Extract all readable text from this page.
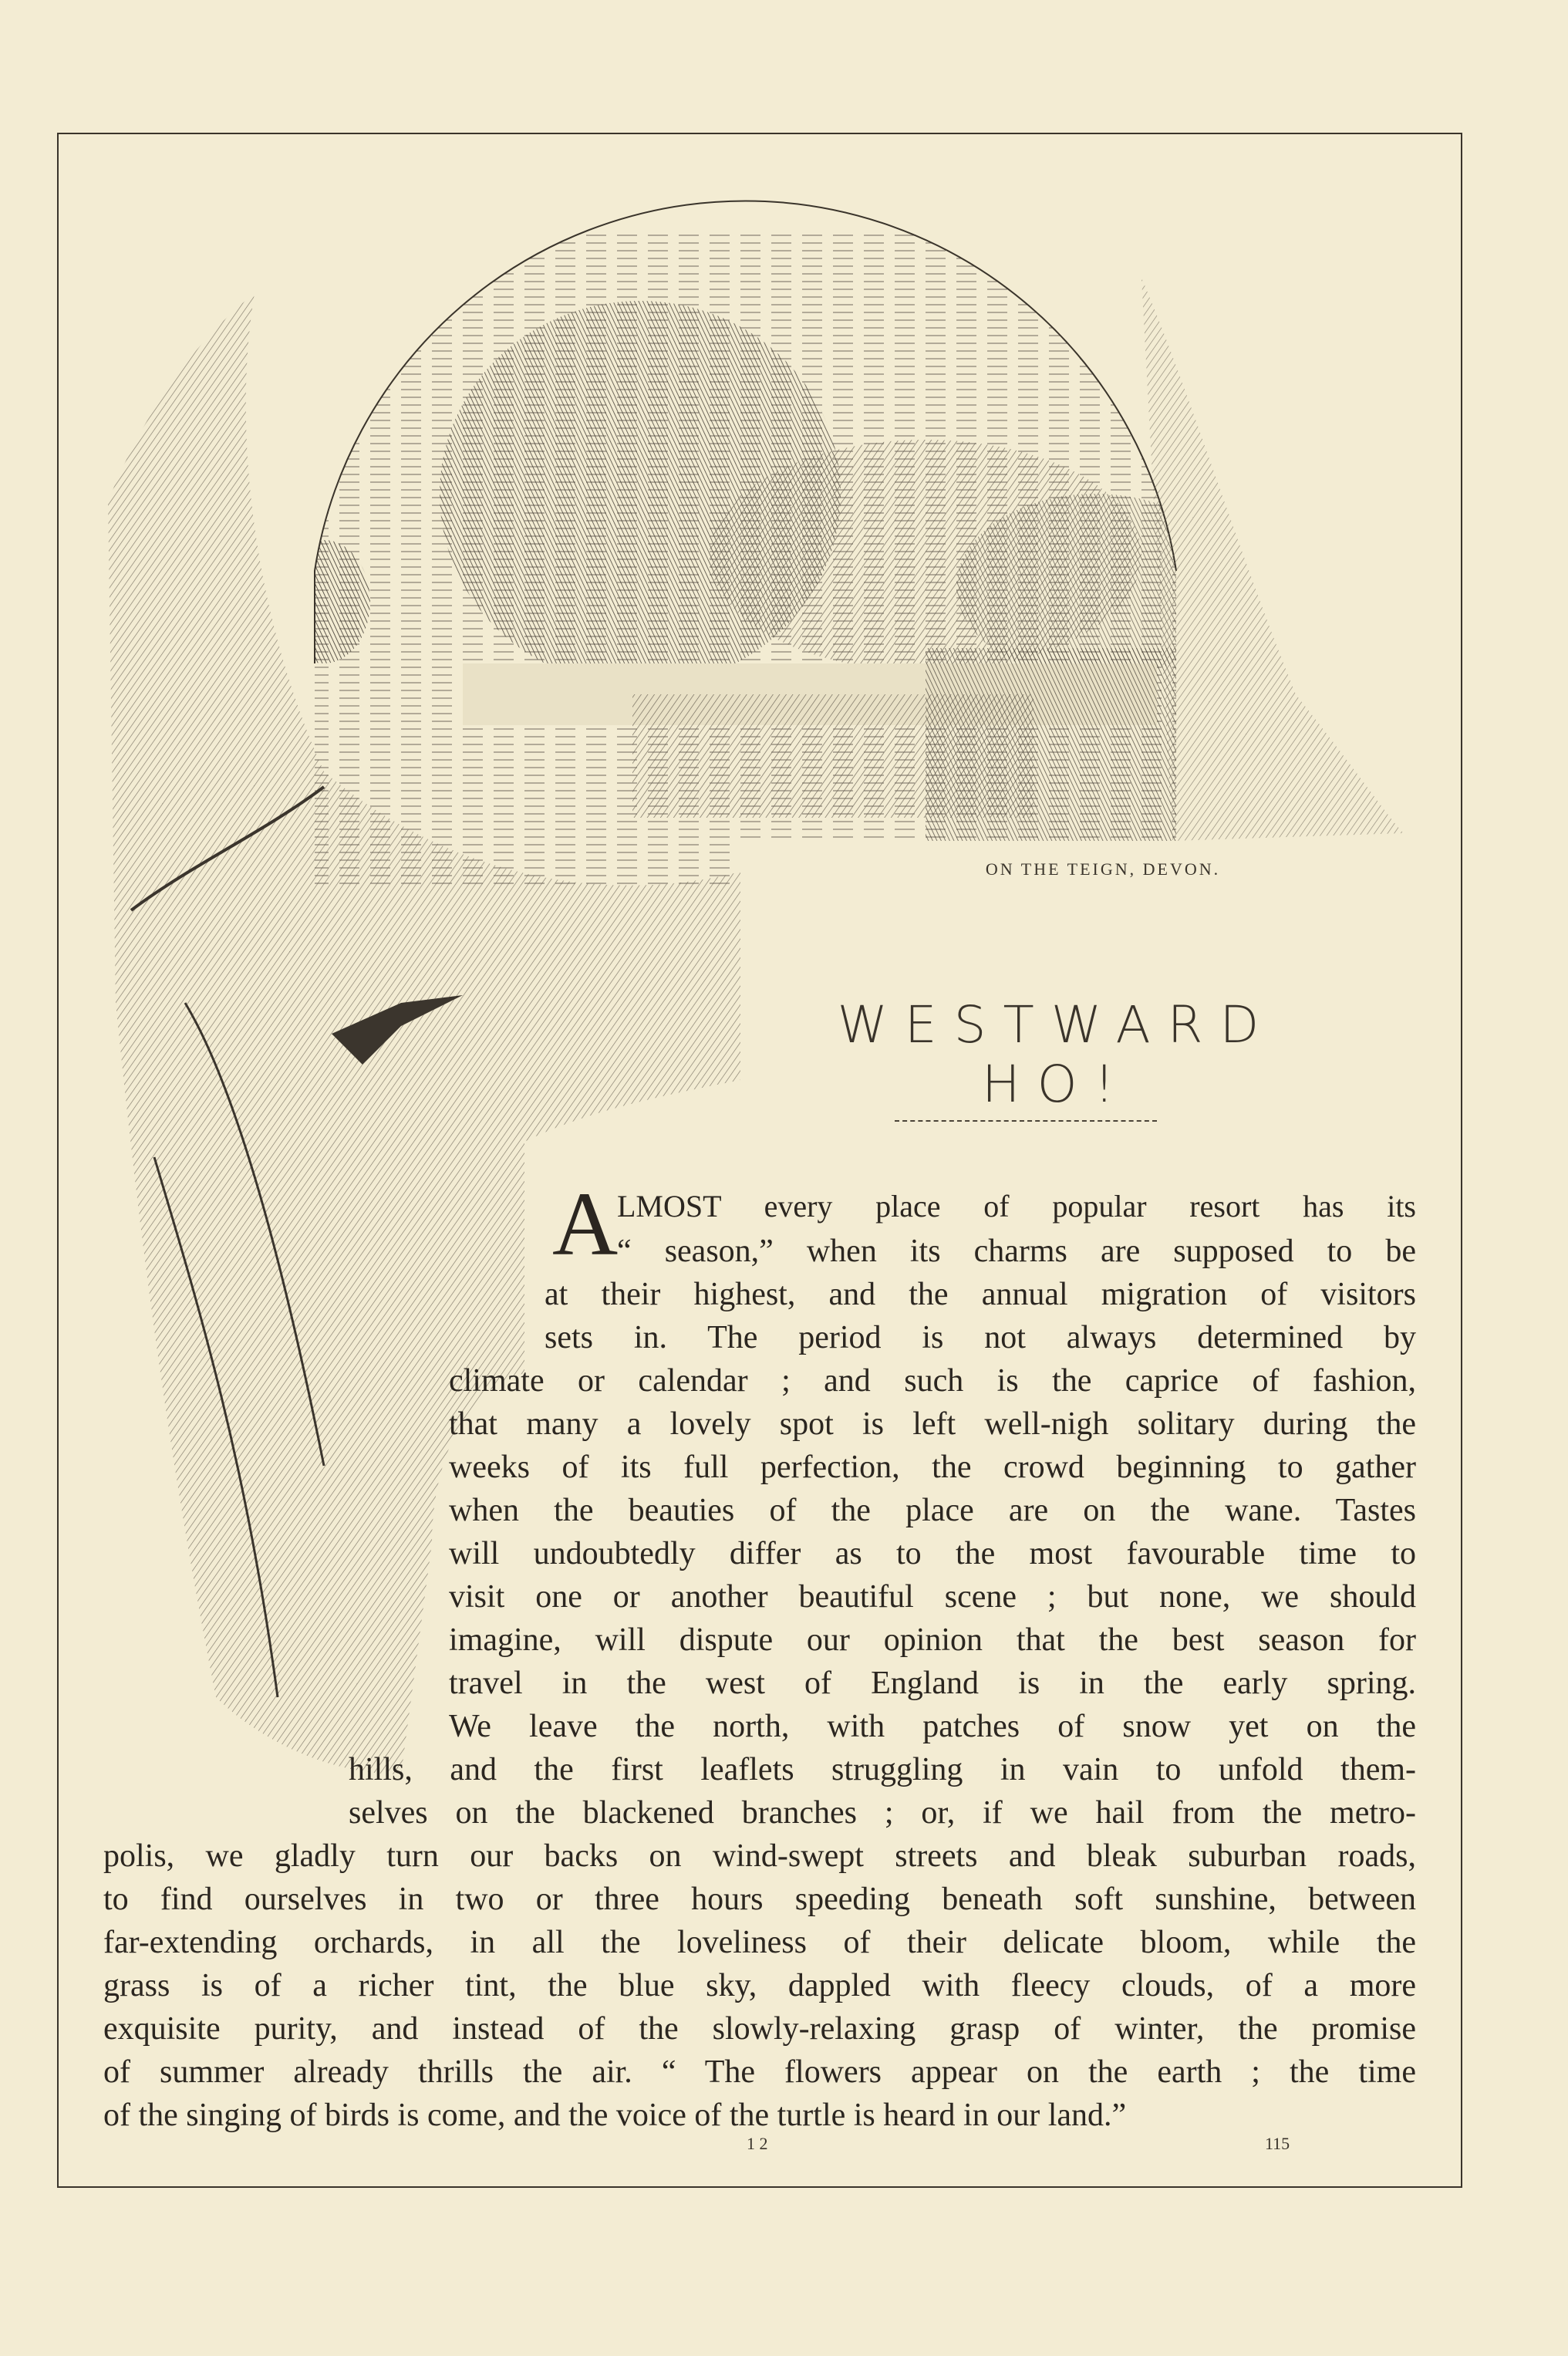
ON THE TEIGN, DEVON.
WESTWARD HO!
A
LMOST every place of popular resort has its
“ season,” when its charms are supposed to be
at their highest, and the annual migration of visitors
sets in. The period is not always determined by
climate or calendar ; and such is the caprice of fashion,
that many a lovely spot is left well-nigh solitary during the
weeks of its full perfection, the crowd beginning to gather
when the beauties of the place are on the wane. Tastes
will undoubtedly differ as to the most favourable time to
visit one or another beautiful scene ; but none, we should
imagine, will dispute our opinion that the best season for
travel in the west of England is in the early spring.
We leave the north, with patches of snow yet on the
hills, and the first leaflets struggling in vain to unfold them-
selves on the blackened branches ; or, if we hail from the metro-
polis, we gladly turn our backs on wind-swept streets and bleak suburban roads,
to find ourselves in two or three hours speeding beneath soft sunshine, between
far-extending orchards, in all the loveliness of their delicate bloom, while the
grass is of a richer tint, the blue sky, dappled with fleecy clouds, of a more
exquisite purity, and instead of the slowly-relaxing grasp of winter, the promise
of summer already thrills the air. “ The flowers appear on the earth ; the time
of the singing of birds is come, and the voice of the turtle is heard in our land.”
1 2	115
